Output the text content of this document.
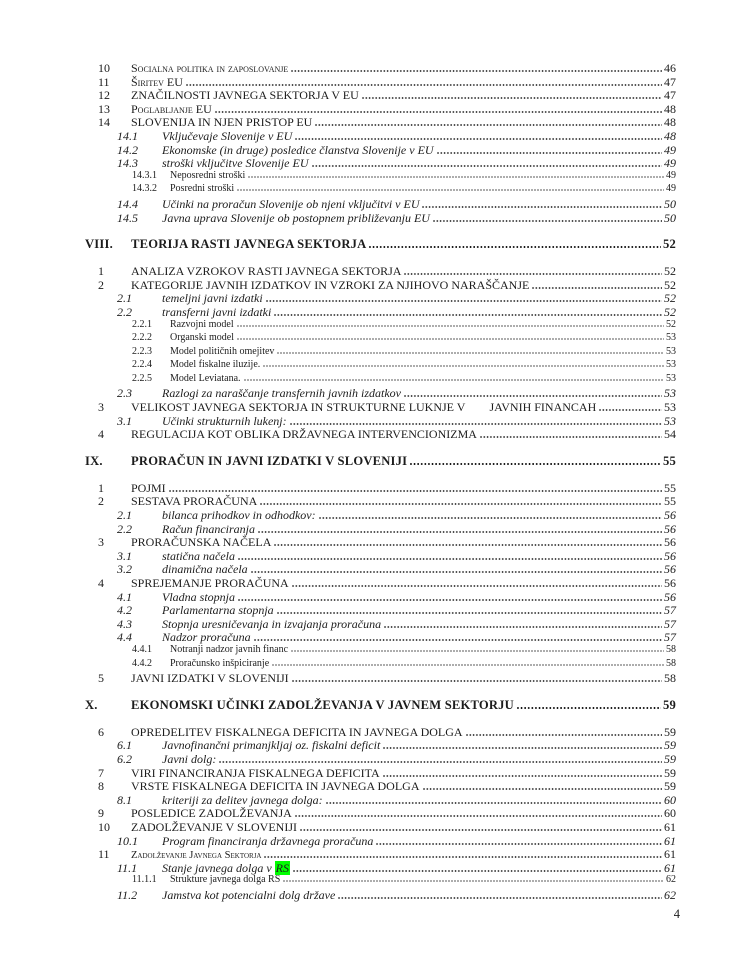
10	Socialna politika in zaposlovanje	46
11	Širitev EU	47
12	ZNAČILNOSTI JAVNEGA SEKTORJA V EU	47
13	Poglabljanje EU	48
14	SLOVENIJA IN NJEN PRISTOP EU	48
14.1	Vključevaje Slovenije v EU	48
14.2	Ekonomske (in druge) posledice članstva Slovenije v EU	49
14.3	stroški vključitve Slovenije EU	49
14.3.1	Neposredni stroški	49
14.3.2	Posredni stroški	49
14.4	Učinki na proračun Slovenije ob njeni vključitvi v EU	50
14.5	Javna uprava Slovenije ob postopnem približevanju EU	50
VIII.	TEORIJA RASTI JAVNEGA SEKTORJA	52
1	ANALIZA VZROKOV RASTI JAVNEGA SEKTORJA	52
2	KATEGORIJE JAVNIH IZDATKOV IN VZROKI ZA NJIHOVO NARAŠČANJE	52
2.1	temeljni javni izdatki	52
2.2	transferni javni izdatki	52
2.2.1	Razvojni model	52
2.2.2	Organski model	53
2.2.3	Model političnih omejitev	53
2.2.4	Model fiskalne iluzije.	53
2.2.5	Model Leviatana.	53
2.3	Razlogi za naraščanje transfernih javnih izdatkov	53
3	VELIKOST JAVNEGA SEKTORJA IN STRUKTURNE LUKNJE V        JAVNIH FINANCAH	53
3.1	Učinki strukturnih lukenj:	53
4	REGULACIJA KOT OBLIKA DRŽAVNEGA INTERVENCIONIZMA	54
IX.	PRORAČUN IN JAVNI IZDATKI V SLOVENIJI	55
1	POJMI	55
2	SESTAVA PRORAČUNA	55
2.1	bilanca prihodkov in odhodkov:	56
2.2	Račun financiranja	56
3	PRORAČUNSKA NAČELA	56
3.1	statična načela	56
3.2	dinamična načela	56
4	SPREJEMANJE PRORAČUNA	56
4.1	Vladna stopnja	56
4.2	Parlamentarna stopnja	57
4.3	Stopnja uresničevanja in izvajanja proračuna	57
4.4	Nadzor proračuna	57
4.4.1	Notranji nadzor javnih financ	58
4.4.2	Proračunsko inšpiciranje	58
5	JAVNI IZDATKI V SLOVENIJI	58
X.	EKONOMSKI UČINKI ZADOLŽEVANJA V JAVNEM SEKTORJU	59
6	OPREDELITEV FISKALNEGA DEFICITA IN JAVNEGA DOLGA	59
6.1	Javnofinančni primanjkljaj oz. fiskalni deficit	59
6.2	Javni dolg:	59
7	VIRI FINANCIRANJA FISKALNEGA DEFICITA	59
8	VRSTE FISKALNEGA DEFICITA IN JAVNEGA DOLGA	59
8.1	kriteriji za delitev javnega dolga:	60
9	POSLEDICE ZADOLŽEVANJA	60
10	ZADOLŽEVANJE V SLOVENIJI	61
10.1	Program financiranja državnega proračuna	61
11	Zadolževanje Javnega Sektorja	61
11.1	Stanje javnega dolga v RS	61
11.1.1	Strukture javnega dolga RS	62
11.2	Jamstva kot potencialni dolg države	62
4
